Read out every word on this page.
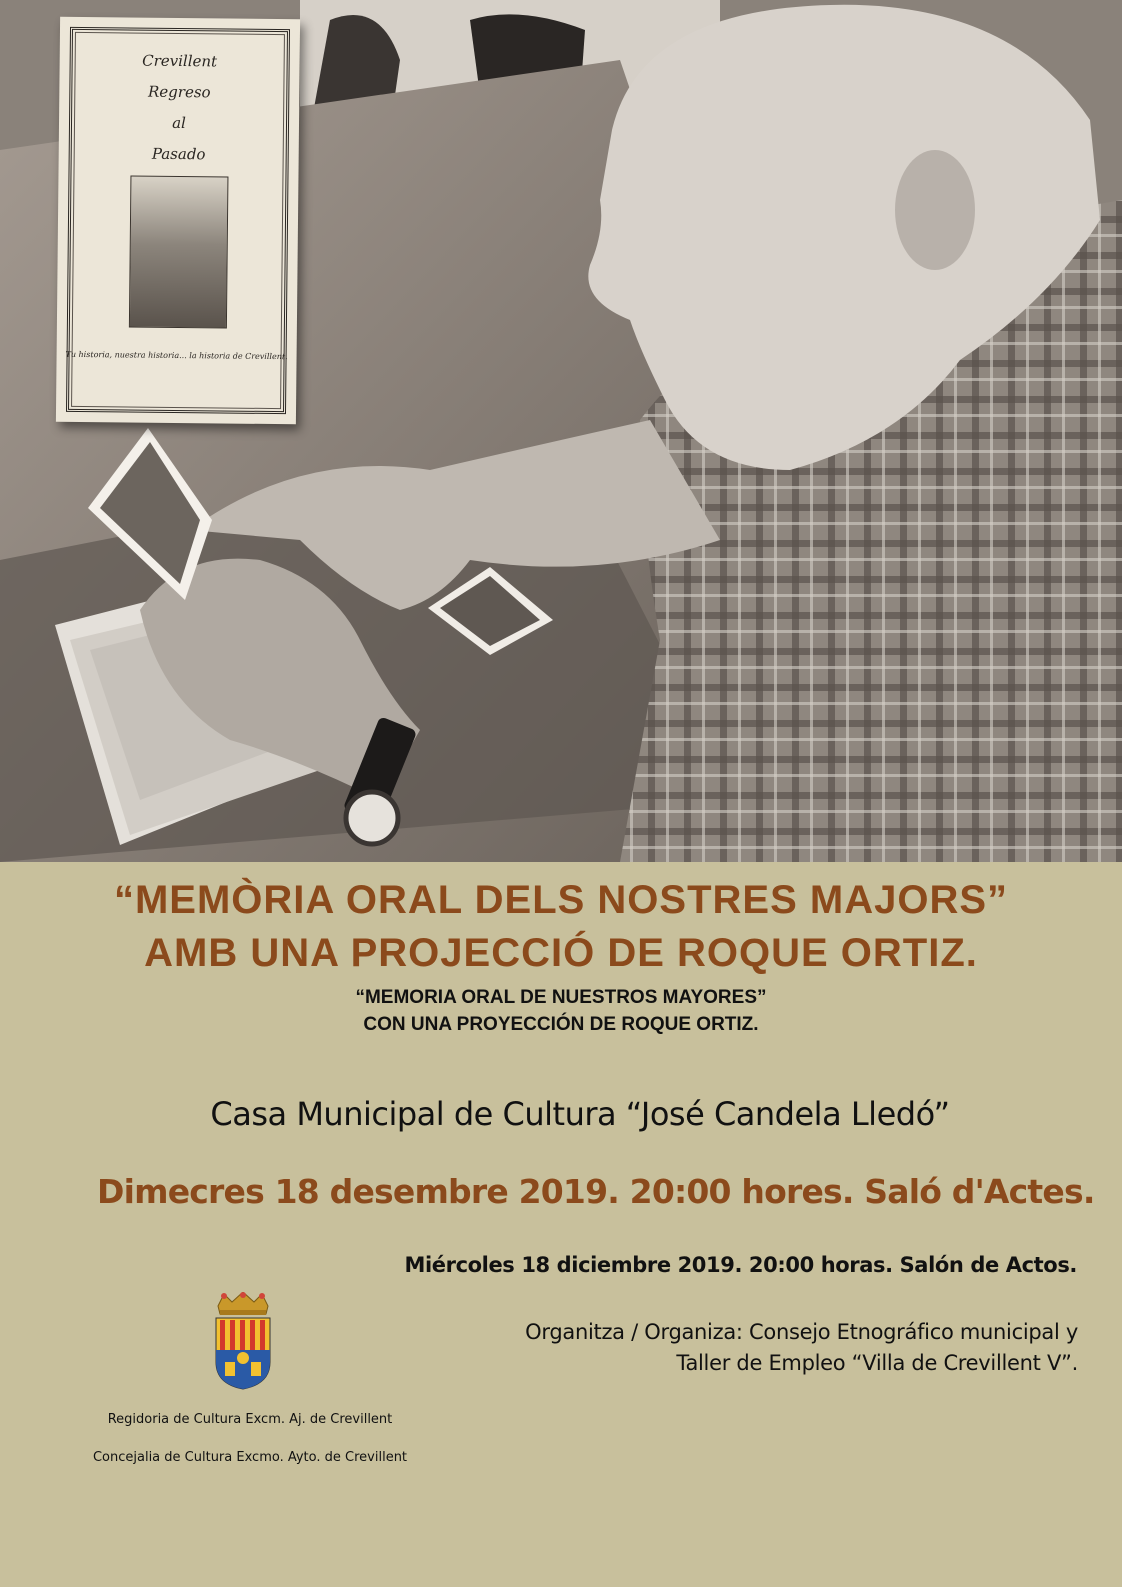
Crevillent
Regreso
al
Pasado
Tu historia, nuestra historia... la historia de Crevillent.
“MEMÒRIA ORAL DELS NOSTRES MAJORS”
AMB UNA PROJECCIÓ DE ROQUE ORTIZ.
“MEMORIA ORAL DE NUESTROS MAYORES”
CON UNA PROYECCIÓN DE ROQUE ORTIZ.
Casa Municipal de Cultura “José Candela Lledó”
Dimecres 18 desembre 2019. 20:00 hores. Saló d'Actes.
Miércoles 18 diciembre 2019. 20:00 horas. Salón de Actos.
Organitza / Organiza: Consejo Etnográfico municipal y
Taller de Empleo “Villa de Crevillent V”.
Regidoria de Cultura Excm. Aj. de Crevillent
Concejalia de Cultura Excmo. Ayto. de Crevillent
